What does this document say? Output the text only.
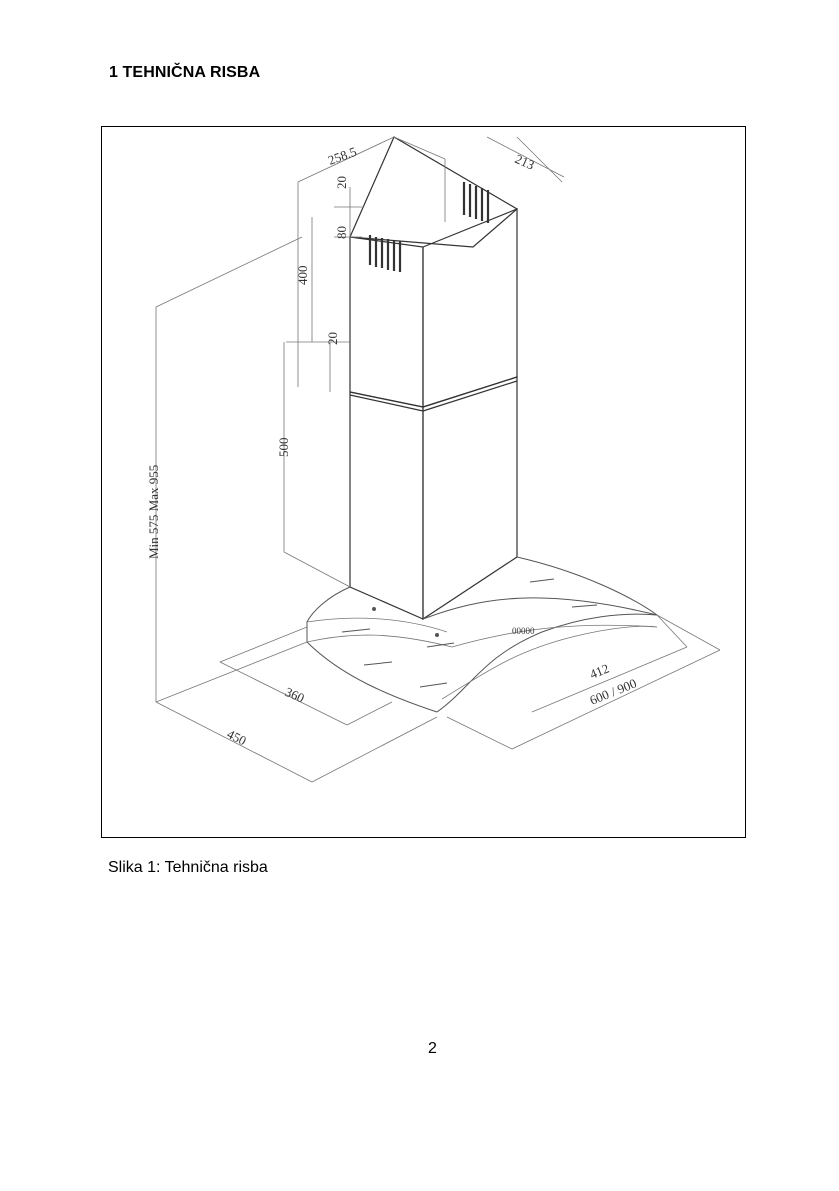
1 TEHNIČNA RISBA
00000
258.5	213
20
80
400
20
500
Min 575 Max 955
412
600 / 900
360
450
Slika 1: Tehnična risba
2
